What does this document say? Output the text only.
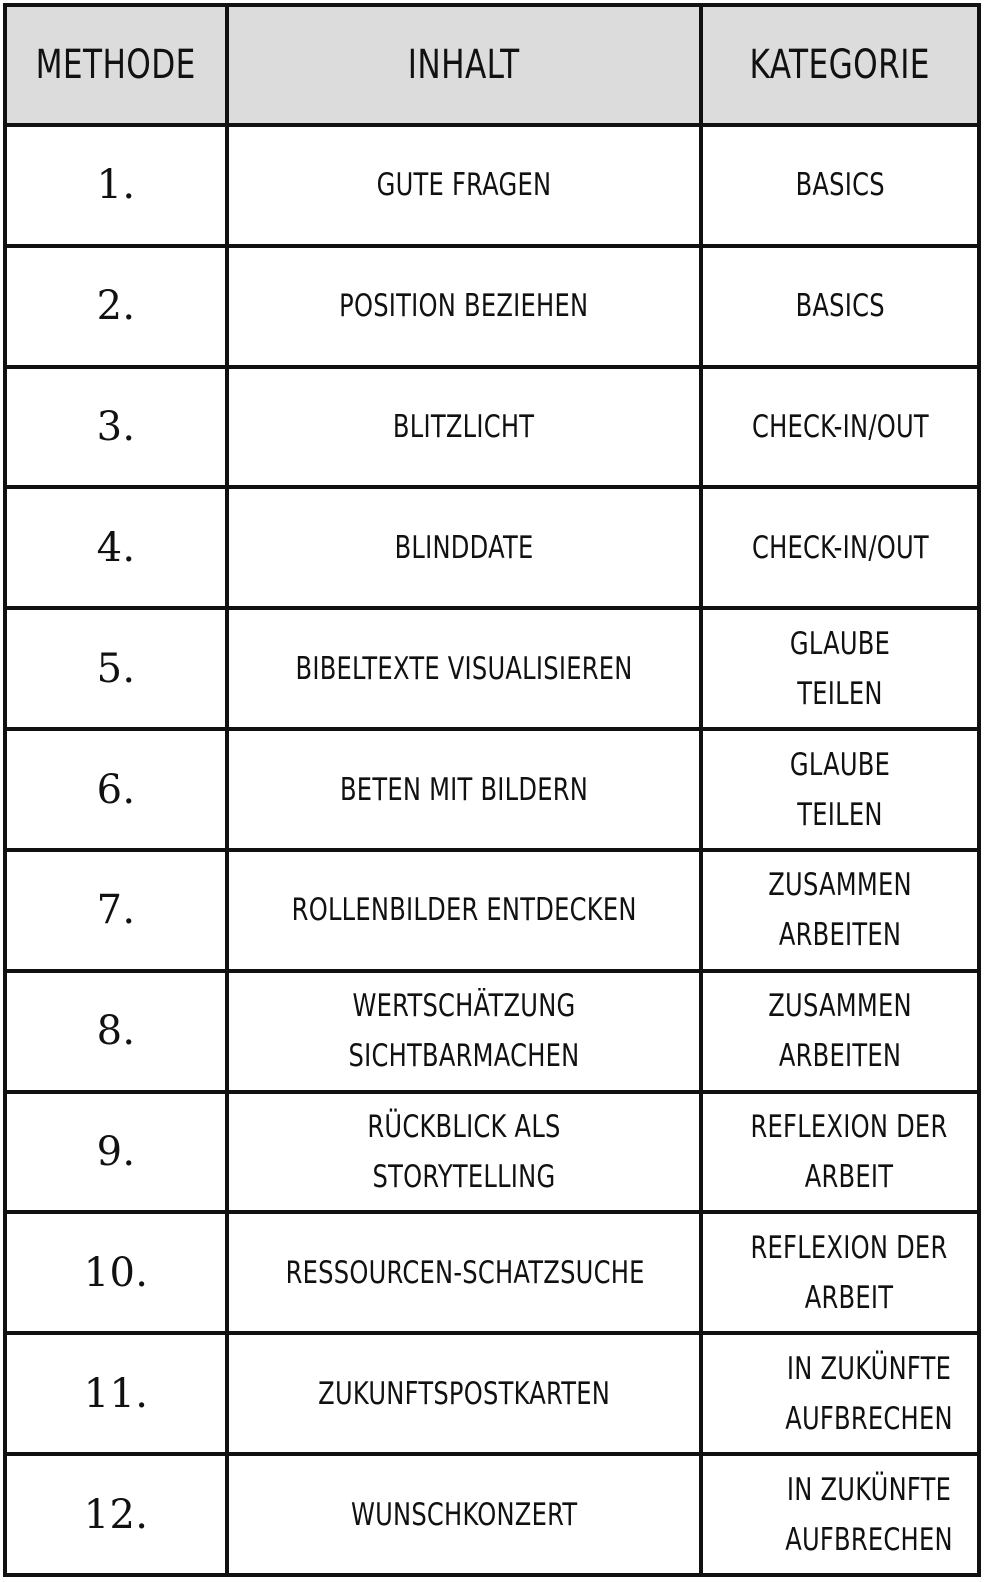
METHODE	INHALT	KATEGORIE
1.	GUTE FRAGEN	BASICS
2.	POSITION BEZIEHEN	BASICS
3.	BLITZLICHT	CHECK-IN/OUT
4.	BLINDDATE	CHECK-IN/OUT
5.	BIBELTEXTE VISUALISIEREN	GLAUBE TEILEN
6.	BETEN MIT BILDERN	GLAUBE TEILEN
7.	ROLLENBILDER ENTDECKEN	ZUSAMMEN ARBEITEN
8.	WERTSCHÄTZUNG SICHTBARMACHEN	ZUSAMMEN ARBEITEN
9.	RÜCKBLICK ALS STORYTELLING	REFLEXION DER ARBEIT
10.	RESSOURCEN-SCHATZSUCHE	REFLEXION DER ARBEIT
11.	ZUKUNFTSPOSTKARTEN	IN ZUKÜNFTE AUFBRECHEN
12.	WUNSCHKONZERT	IN ZUKÜNFTE AUFBRECHEN
